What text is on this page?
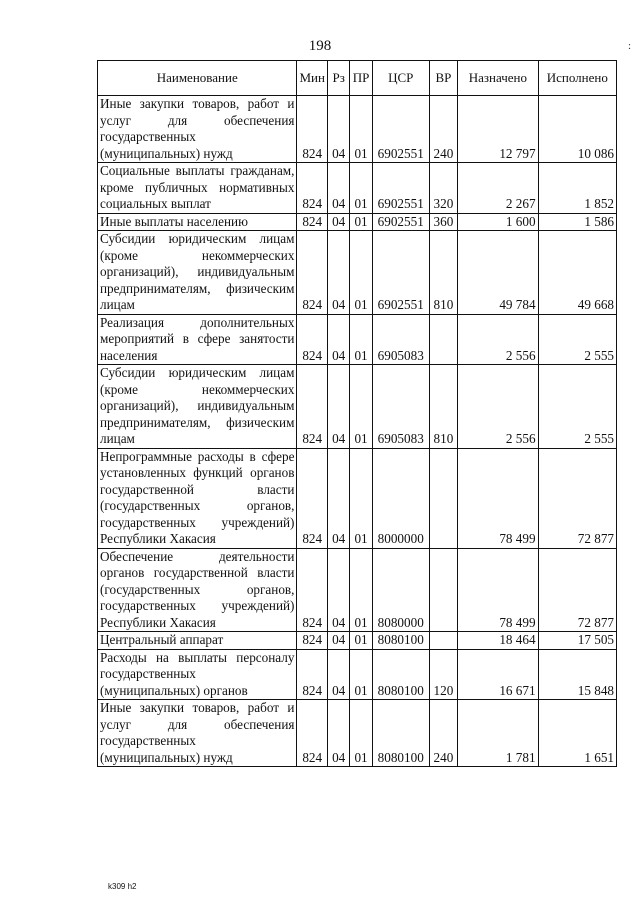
198	:
Наименование	Мин	Рз	ПР	ЦСР	ВР	Назначено	Исполнено
Иные закупки товаров, работ и услуг для обеспечения государственных (муниципальных) нужд	824	04	01	6902551	240	12 797	10 086
Социальные выплаты гражданам, кроме публичных нормативных социальных выплат	824	04	01	6902551	320	2 267	1 852
Иные выплаты населению	824	04	01	6902551	360	1 600	1 586
Субсидии юридическим лицам (кроме некоммерческих организаций), индивидуальным предпринимателям, физическим лицам	824	04	01	6902551	810	49 784	49 668
Реализация дополнительных мероприятий в сфере занятости населения	824	04	01	6905083		2 556	2 555
Субсидии юридическим лицам (кроме некоммерческих организаций), индивидуальным предпринимателям, физическим лицам	824	04	01	6905083	810	2 556	2 555
Непрограммные расходы в сфере установленных функций органов государственной власти (государственных органов, государственных учреждений) Республики Хакасия	824	04	01	8000000		78 499	72 877
Обеспечение деятельности органов государственной власти (государственных органов, государственных учреждений) Республики Хакасия	824	04	01	8080000		78 499	72 877
Центральный аппарат	824	04	01	8080100		18 464	17 505
Расходы на выплаты персоналу государственных (муниципальных) органов	824	04	01	8080100	120	16 671	15 848
Иные закупки товаров, работ и услуг для обеспечения государственных (муниципальных) нужд	824	04	01	8080100	240	1 781	1 651
k309 h2
